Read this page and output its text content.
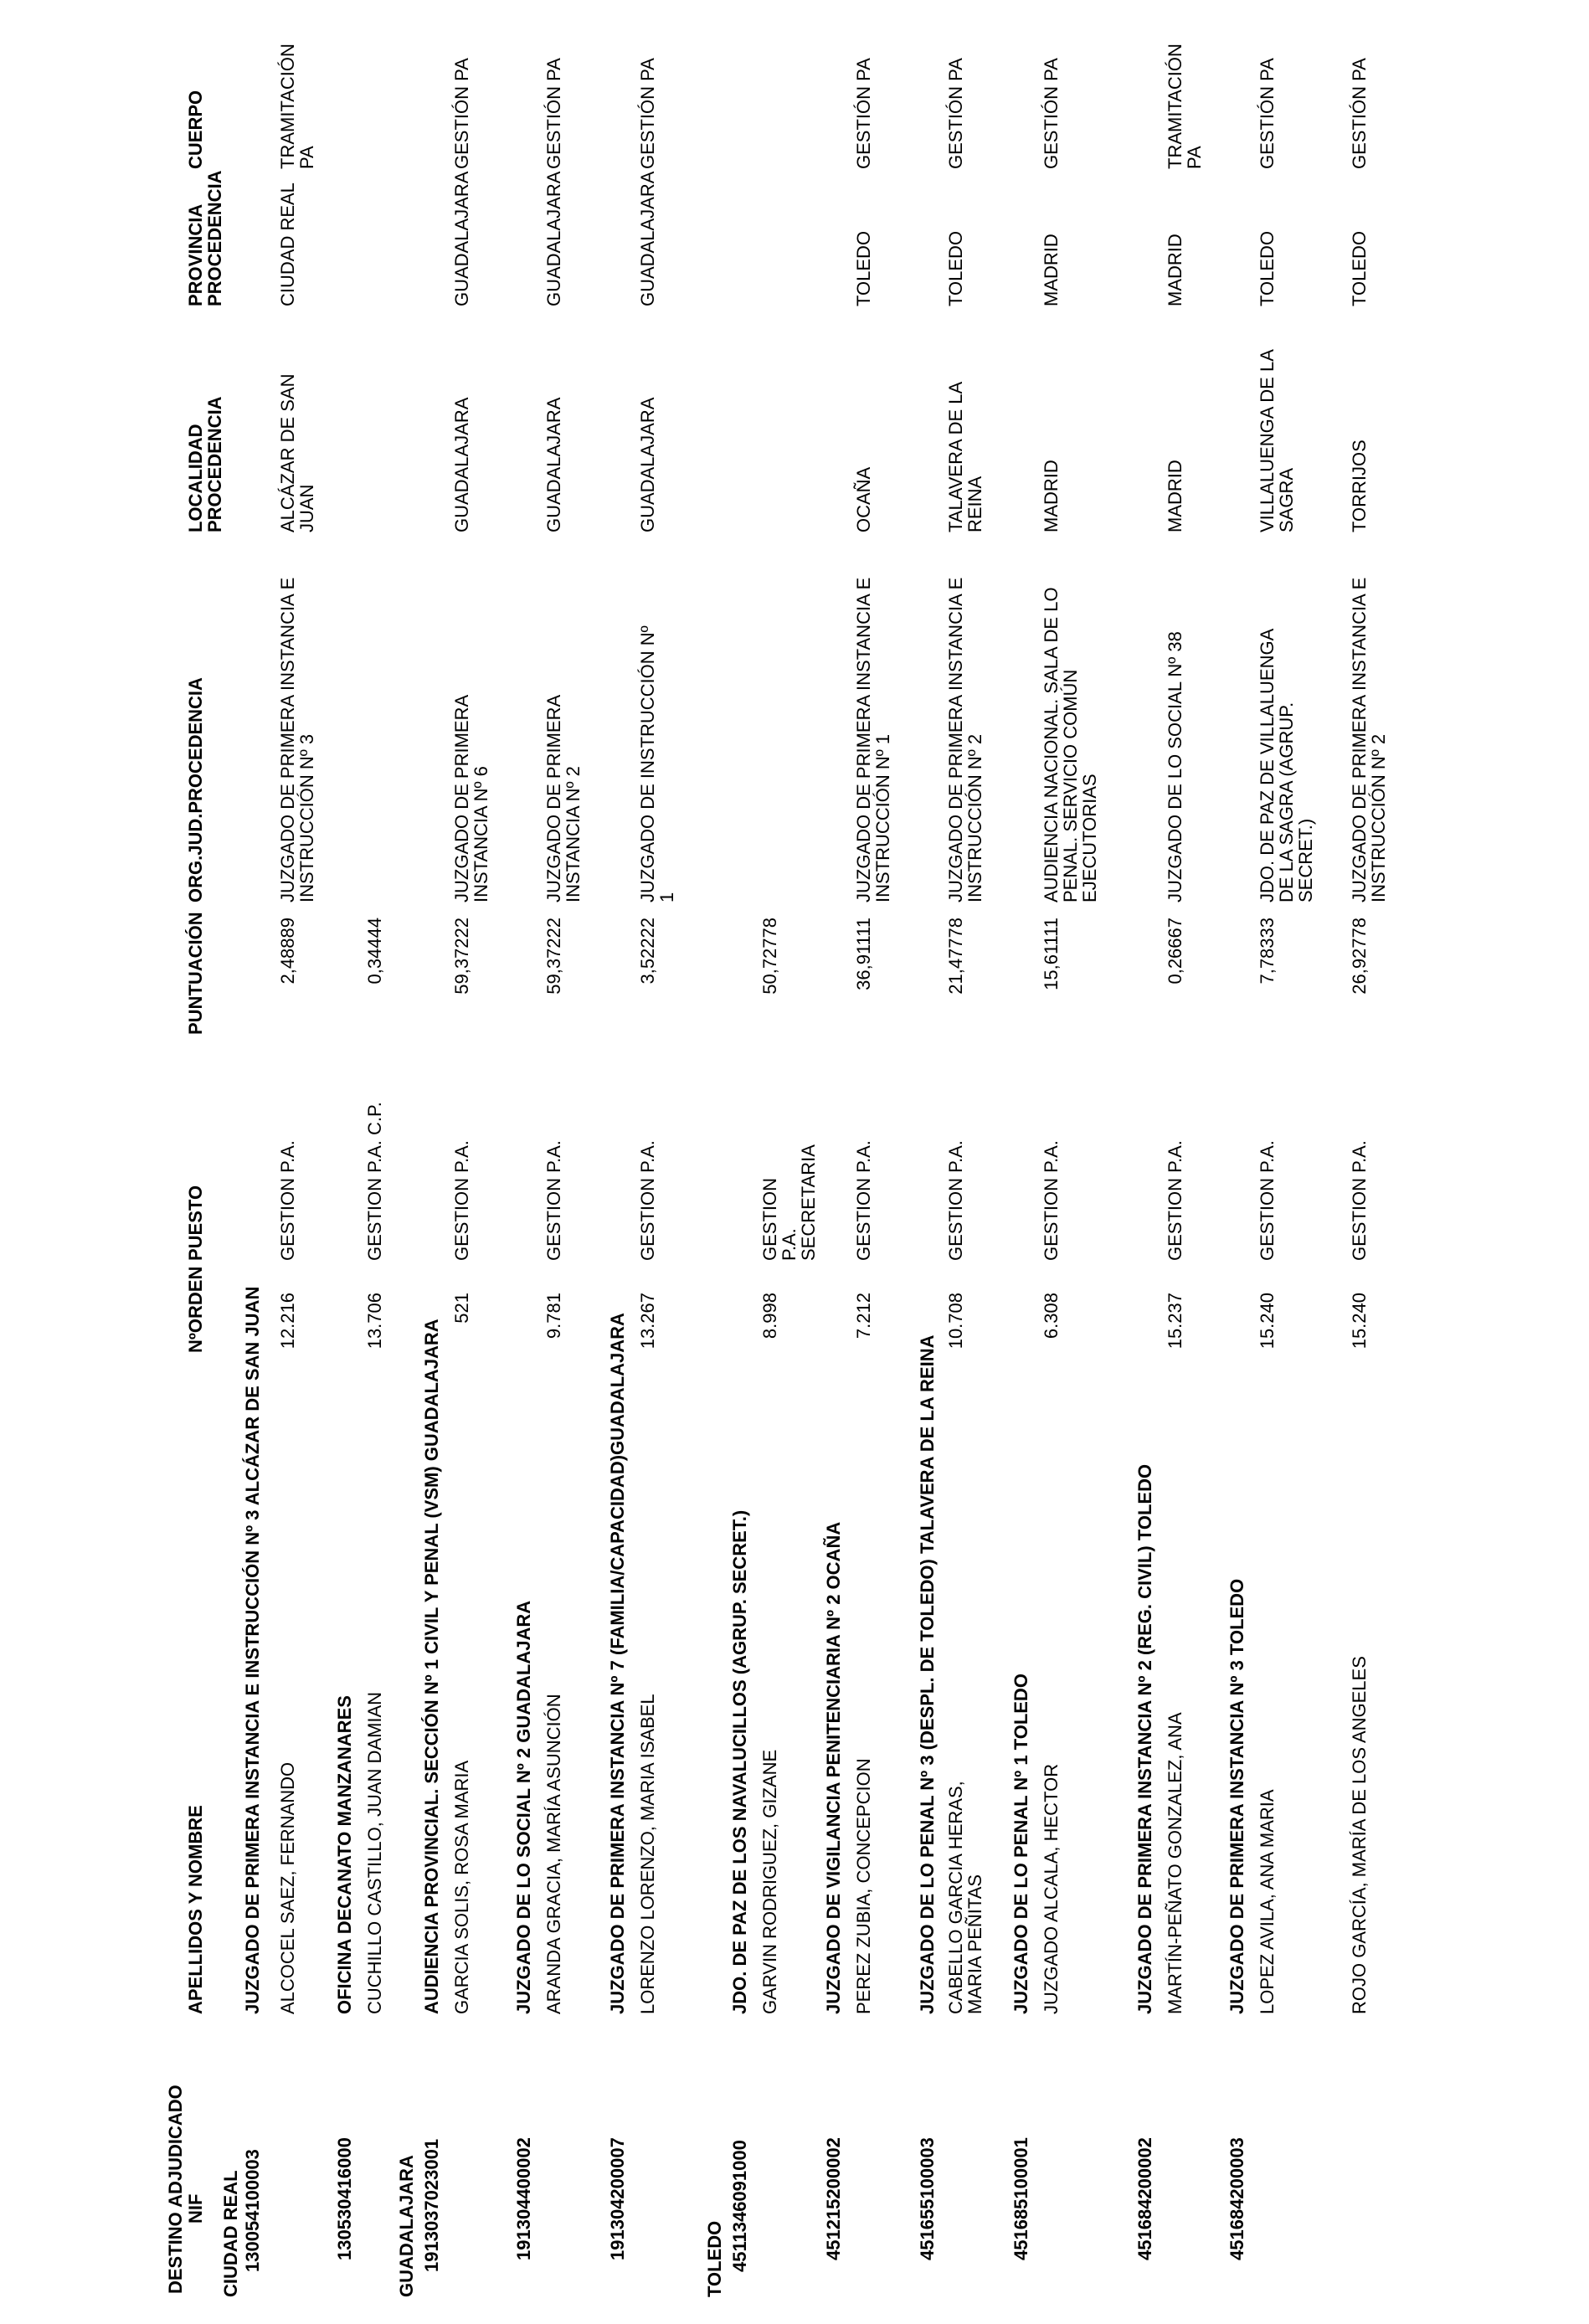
DESTINO ADJUDICADO NIF
APELLIDOS Y NOMBRE
NºORDEN
PUESTO
PUNTUACIÓN
ORG.JUD.PROCEDENCIA
LOCALIDAD PROCEDENCIA
PROVINCIA PROCEDENCIA
CUERPO
CIUDAD REAL 130054100003
JUZGADO DE PRIMERA INSTANCIA E INSTRUCCIÓN Nº 3 ALCÁZAR DE SAN JUAN ALCOCEL SAEZ, FERNANDO
12.216
GESTION P.A.
2,48889
JUZGADO DE PRIMERA INSTANCIA E INSTRUCCIÓN Nº 3
ALCÁZAR DE SAN JUAN
CIUDAD REAL
TRAMITACIÓN PA
130530416000
OFICINA DECANATO MANZANARES CUCHILLO CASTILLO, JUAN DAMIAN
13.706
GESTION P.A. C.P.
0,34444
GUADALAJARA 191303702300​1
AUDIENCIA PROVINCIAL. SECCIÓN Nº 1 CIVIL Y PENAL (VSM) GUADALAJARA GARCIA SOLIS, ROSA MARIA
521
GESTION P.A.
59,37222
JUZGADO DE PRIMERA INSTANCIA Nº 6
GUADALAJARA
GUADALAJARA
GESTIÓN PA
191304400002
JUZGADO DE LO SOCIAL Nº 2 GUADALAJARA ARANDA GRACIA, MARÍA ASUNCIÓN
9.781
GESTION P.A.
59,37222
JUZGADO DE PRIMERA INSTANCIA Nº 2
GUADALAJARA
GUADALAJARA
GESTIÓN PA
191304200007
JUZGADO DE PRIMERA INSTANCIA Nº 7 (FAMILIA/CAPACIDAD)GUADALAJARA LORENZO LORENZO, MARIA ISABEL
13.267
GESTION P.A.
3,52222
JUZGADO DE INSTRUCCIÓN Nº 1
GUADALAJARA
GUADALAJARA
GESTIÓN PA
TOLEDO 451134609100​0
JDO. DE PAZ DE LOS NAVALUCILLOS (AGRUP. SECRET.) GARVIN RODRIGUEZ, GIZANE
8.998
GESTION P.A. SECRETARIA
50,72778
451215200002
JUZGADO DE VIGILANCIA PENITENCIARIA Nº 2 OCAÑA PEREZ ZUBIA, CONCEPCION
7.212
GESTION P.A.
36,91111
JUZGADO DE PRIMERA INSTANCIA E INSTRUCCIÓN Nº 1
OCAÑA
TOLEDO
GESTIÓN PA
451655100003
JUZGADO DE LO PENAL Nº 3 (DESPL. DE TOLEDO) TALAVERA DE LA REINA CABELLO GARCIA HERAS, MARIA PEÑITAS
10.708
GESTION P.A.
21,47778
JUZGADO DE PRIMERA INSTANCIA E INSTRUCCIÓN Nº 2
TALAVERA DE LA REINA
TOLEDO
GESTIÓN PA
451685100001
JUZGADO DE LO PENAL Nº 1 TOLEDO JUZGADO ALCALA, HECTOR
6.308
GESTION P.A.
15,61111
AUDIENCIA NACIONAL. SALA DE LO PENAL. SERVICIO COMÚN EJECUTORIAS
MADRID
MADRID
GESTIÓN PA
451684200002
JUZGADO DE PRIMERA INSTANCIA Nº 2 (REG. CIVIL) TOLEDO MARTÍN-PEÑATO GONZALEZ, ANA
15.237
GESTION P.A.
0,26667
JUZGADO DE LO SOCIAL Nº 38
MADRID
MADRID
TRAMITACIÓN PA
451684200003
JUZGADO DE PRIMERA INSTANCIA Nº 3 TOLEDO LOPEZ AVILA, ANA MARIA
15.240
GESTION P.A.
7,78333
JDO. DE PAZ DE VILLALUENGA DE LA SAGRA (AGRUP. SECRET.)
VILLALUENGA DE LA SAGRA
TOLEDO
GESTIÓN PA
ROJO GARCÍA, MARÍA DE LOS ANGELES
15.240
GESTION P.A.
26,92778
JUZGADO DE PRIMERA INSTANCIA E INSTRUCCIÓN Nº 2
TORRIJOS
TOLEDO
GESTIÓN PA
